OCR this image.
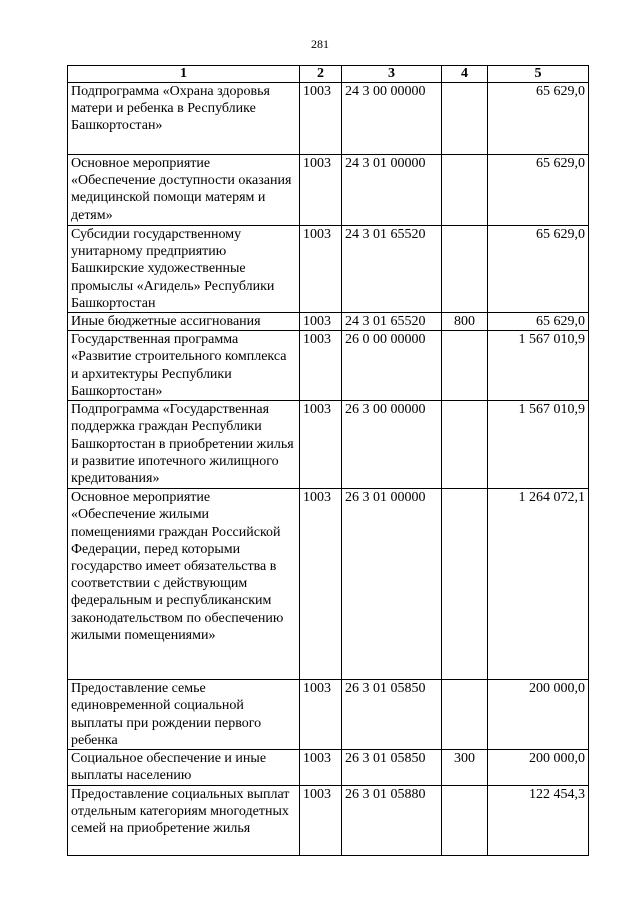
281
1	2	3	4	5
Подпрограмма «Охрана здоровья матери и ребенка в Республике Башкортостан»	1003	24 3 00 00000		65 629,0
Основное мероприятие «Обеспечение доступности оказания медицинской помощи матерям и детям»	1003	24 3 01 00000		65 629,0
Субсидии государственному унитарному предприятию Башкирские художественные промыслы «Агидель» Республики Башкортостан	1003	24 3 01 65520		65 629,0
Иные бюджетные ассигнования	1003	24 3 01 65520	800	65 629,0
Государственная программа «Развитие строительного комплекса и архитектуры Республики Башкортостан»	1003	26 0 00 00000		1 567 010,9
Подпрограмма «Государственная поддержка граждан Республики Башкортостан в приобретении жилья и развитие ипотечного жилищного кредитования»	1003	26 3 00 00000		1 567 010,9
Основное мероприятие «Обеспечение жилыми помещениями граждан Российской Федерации, перед которыми государство имеет обязательства в соответствии с действующим федеральным и республиканским законодательством по обеспечению жилыми помещениями»	1003	26 3 01 00000		1 264 072,1
Предоставление семье единовременной социальной выплаты при рождении первого ребенка	1003	26 3 01 05850		200 000,0
Социальное обеспечение и иные выплаты населению	1003	26 3 01 05850	300	200 000,0
Предоставление социальных выплат отдельным категориям многодетных семей на приобретение жилья	1003	26 3 01 05880		122 454,3
